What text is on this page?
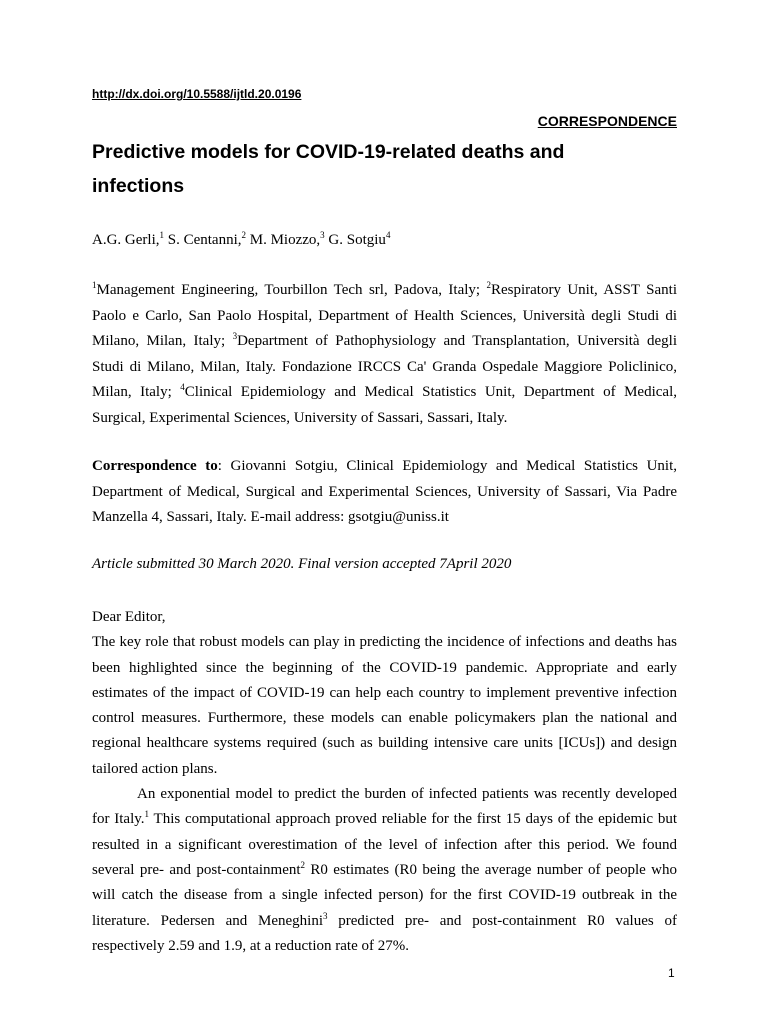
http://dx.doi.org/10.5588/ijtld.20.0196
CORRESPONDENCE
Predictive models for COVID-19-related deaths and infections
A.G. Gerli,$^1$ S. Centanni,$^2$ M. Miozzo,$^3$ G. Sotgiu$^4$
$^1$Management Engineering, Tourbillon Tech srl, Padova, Italy; $^2$Respiratory Unit, ASST Santi Paolo e Carlo, San Paolo Hospital, Department of Health Sciences, Università degli Studi di Milano, Milan, Italy; $^3$Department of Pathophysiology and Transplantation, Università degli Studi di Milano, Milan, Italy. Fondazione IRCCS Ca' Granda Ospedale Maggiore Policlinico, Milan, Italy; $^4$Clinical Epidemiology and Medical Statistics Unit, Department of Medical, Surgical, Experimental Sciences, University of Sassari, Sassari, Italy.
Correspondence to: Giovanni Sotgiu, Clinical Epidemiology and Medical Statistics Unit, Department of Medical, Surgical and Experimental Sciences, University of Sassari, Via Padre Manzella 4, Sassari, Italy. E-mail address: gsotgiu@uniss.it
Article submitted 30 March 2020. Final version accepted 7April 2020

Dear Editor,

The key role that robust models can play in predicting the incidence of infections and deaths has been highlighted since the beginning of the COVID-19 pandemic. Appropriate and early estimates of the impact of COVID-19 can help each country to implement preventive infection control measures. Furthermore, these models can enable policymakers plan the national and regional healthcare systems required (such as building intensive care units [ICUs]) and design tailored action plans.

An exponential model to predict the burden of infected patients was recently developed for Italy.$^1$ This computational approach proved reliable for the first 15 days of the epidemic but resulted in a significant overestimation of the level of infection after this period. We found several pre- and post-containment$^2$ R0 estimates (R0 being the average number of people who will catch the disease from a single infected person) for the first COVID-19 outbreak in the literature. Pedersen and Meneghini$^3$ predicted pre- and post-containment R0 values of respectively 2.59 and 1.9, at a reduction rate of 27%.

1
